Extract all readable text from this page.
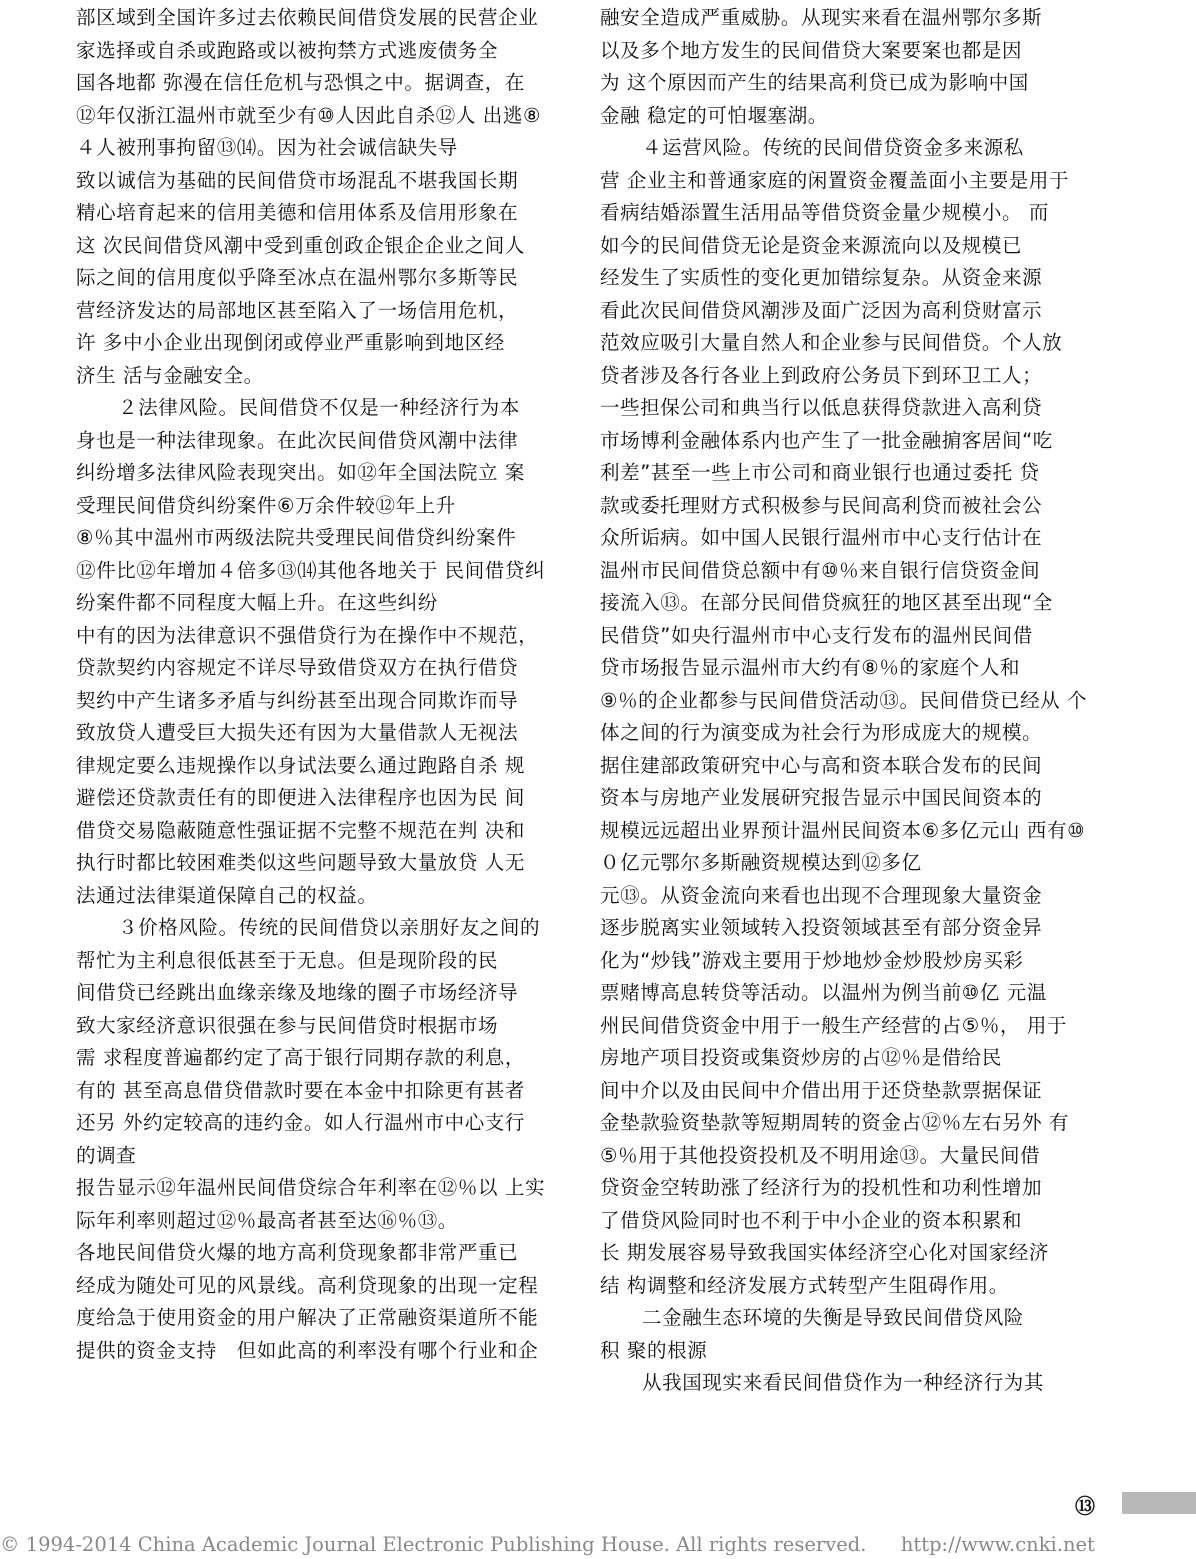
部区域到全国许多过去依赖民间借贷发展的民营企业
家选择或自杀或跑路或以被拘禁方式逃废债务全
国各地都 弥漫在信任危机与恐惧之中。据调查，在
⑫年仅浙江温州市就至少有⑩人因此自杀⑫人 出逃⑧
４人被刑事拘留⑬⒁。因为社会诚信缺失导
致以诚信为基础的民间借贷市场混乱不堪我国长期
精心培育起来的信用美德和信用体系及信用形象在
这 次民间借贷风潮中受到重创政企银企企业之间人
际之间的信用度似乎降至冰点在温州鄂尔多斯等民
营经济发达的局部地区甚至陷入了一场信用危机，
许 多中小企业出现倒闭或停业严重影响到地区经
济生 活与金融安全。
２法律风险。民间借贷不仅是一种经济行为本
身也是一种法律现象。在此次民间借贷风潮中法律
纠纷增多法律风险表现突出。如⑫年全国法院立 案
受理民间借贷纠纷案件⑥万余件较⑫年上升
⑧％其中温州市两级法院共受理民间借贷纠纷案件
⑫件比⑫年增加４倍多⑬⒁其他各地关于 民间借贷纠
纷案件都不同程度大幅上升。在这些纠纷
中有的因为法律意识不强借贷行为在操作中不规范，
贷款契约内容规定不详尽导致借贷双方在执行借贷
契约中产生诸多矛盾与纠纷甚至出现合同欺诈而导
致放贷人遭受巨大损失还有因为大量借款人无视法
律规定要么违规操作以身试法要么通过跑路自杀 规
避偿还贷款责任有的即便进入法律程序也因为民 间
借贷交易隐蔽随意性强证据不完整不规范在判 决和
执行时都比较困难类似这些问题导致大量放贷 人无
法通过法律渠道保障自己的权益。
３价格风险。传统的民间借贷以亲朋好友之间的
帮忙为主利息很低甚至于无息。但是现阶段的民
间借贷已经跳出血缘亲缘及地缘的圈子市场经济导
致大家经济意识很强在参与民间借贷时根据市场
需 求程度普遍都约定了高于银行同期存款的利息，
有的 甚至高息借贷借款时要在本金中扣除更有甚者
还另 外约定较高的违约金。如人行温州市中心支行
的调查
报告显示⑫年温州民间借贷综合年利率在⑫％以 上实
际年利率则超过⑫％最高者甚至达⑯％⑬。
各地民间借贷火爆的地方高利贷现象都非常严重已
经成为随处可见的风景线。高利贷现象的出现一定程
度给急于使用资金的用户解决了正常融资渠道所不能
提供的资金支持　但如此高的利率没有哪个行业和企
融安全造成严重威胁。从现实来看在温州鄂尔多斯
以及多个地方发生的民间借贷大案要案也都是因
为 这个原因而产生的结果高利贷已成为影响中国
金融 稳定的可怕堰塞湖。
４运营风险。传统的民间借贷资金多来源私
营 企业主和普通家庭的闲置资金覆盖面小主要是用于
看病结婚添置生活用品等借贷资金量少规模小。 而
如今的民间借贷无论是资金来源流向以及规模已
经发生了实质性的变化更加错综复杂。从资金来源
看此次民间借贷风潮涉及面广泛因为高利贷财富示
范效应吸引大量自然人和企业参与民间借贷。个人放
贷者涉及各行各业上到政府公务员下到环卫工人；
一些担保公司和典当行以低息获得贷款进入高利贷
市场博利金融体系内也产生了一批金融掮客居间“吃
利差”甚至一些上市公司和商业银行也通过委托 贷
款或委托理财方式积极参与民间高利贷而被社会公
众所诟病。如中国人民银行温州市中心支行估计在
温州市民间借贷总额中有⑩％来自银行信贷资金间
接流入⑬。在部分民间借贷疯狂的地区甚至出现“全
民借贷”如央行温州市中心支行发布的温州民间借
贷市场报告显示温州市大约有⑧％的家庭个人和
⑨％的企业都参与民间借贷活动⑬。民间借贷已经从 个
体之间的行为演变成为社会行为形成庞大的规模。
据住建部政策研究中心与高和资本联合发布的民间
资本与房地产业发展研究报告显示中国民间资本的
规模远远超出业界预计温州民间资本⑥多亿元山 西有⑩
０亿元鄂尔多斯融资规模达到⑫多亿
元⑬。从资金流向来看也出现不合理现象大量资金
逐步脱离实业领域转入投资领域甚至有部分资金异
化为“炒钱”游戏主要用于炒地炒金炒股炒房买彩
票赌博高息转贷等活动。以温州为例当前⑩亿 元温
州民间借贷资金中用于一般生产经营的占⑤％， 用于
房地产项目投资或集资炒房的占⑫％是借给民
间中介以及由民间中介借出用于还贷垫款票据保证
金垫款验资垫款等短期周转的资金占⑫％左右另外 有
⑤％用于其他投资投机及不明用途⑬。大量民间借
贷资金空转助涨了经济行为的投机性和功利性增加
了借贷风险同时也不利于中小企业的资本积累和
长 期发展容易导致我国实体经济空心化对国家经济
结 构调整和经济发展方式转型产生阻碍作用。
二金融生态环境的失衡是导致民间借贷风险
积 聚的根源
从我国现实来看民间借贷作为一种经济行为其
⑬
© 1994-2014 China Academic Journal Electronic Publishing House. All rights reserved. http://www.cnki.net
